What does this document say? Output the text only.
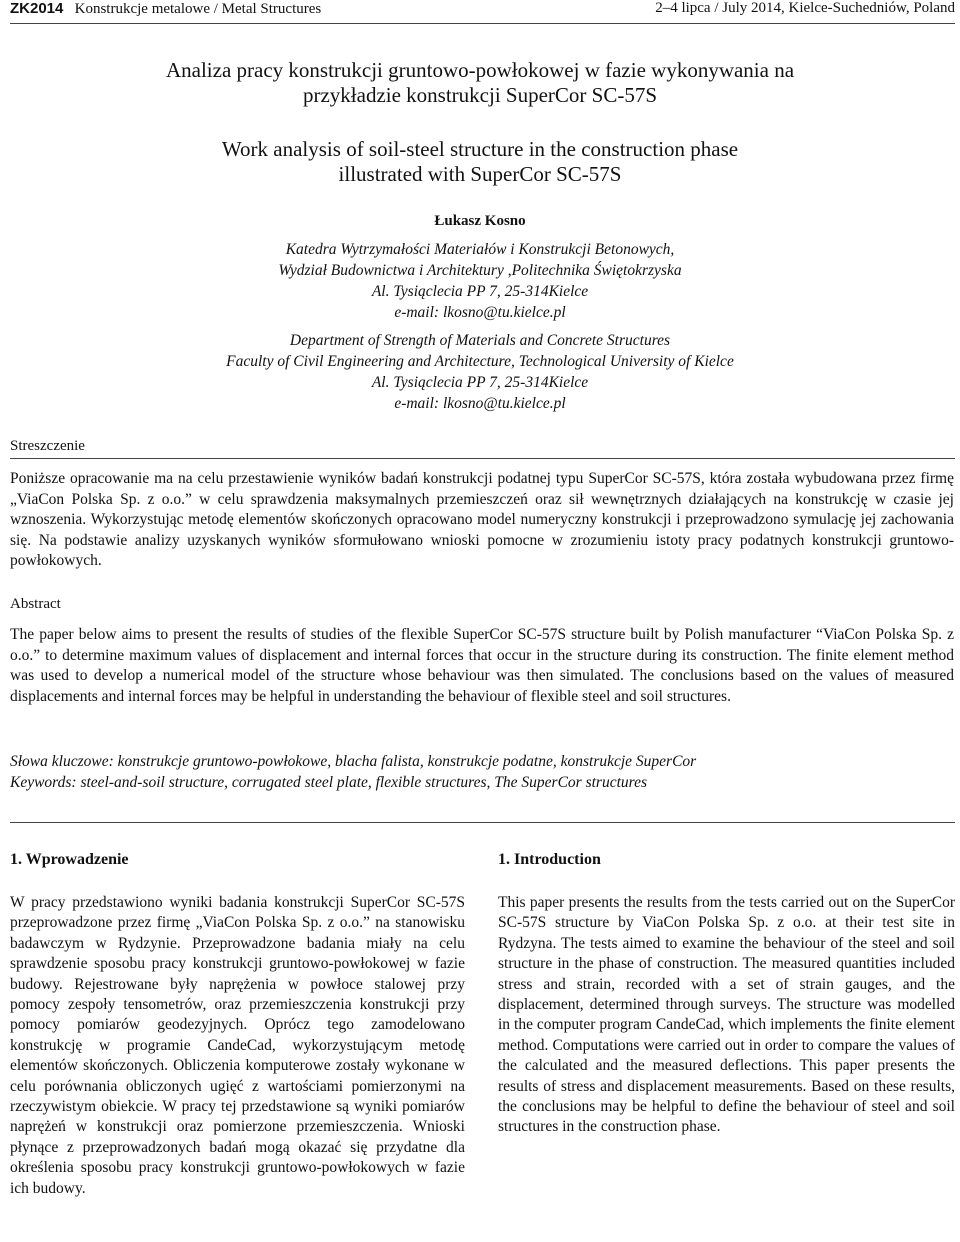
ZK2014 Konstrukcje metalowe / Metal Structures	2–4 lipca / July 2014, Kielce-Suchedniów, Poland
Analiza pracy konstrukcji gruntowo-powłokowej w fazie wykonywania na
przykładzie konstrukcji SuperCor SC-57S
Work analysis of soil-steel structure in the construction phase
illustrated with SuperCor SC-57S
Łukasz Kosno
Katedra Wytrzymałości Materiałów i Konstrukcji Betonowych,
Wydział Budownictwa i Architektury ,Politechnika Świętokrzyska
Al. Tysiąclecia PP 7, 25-314Kielce
e-mail: lkosno@tu.kielce.pl
Department of Strength of Materials and Concrete Structures
Faculty of Civil Engineering and Architecture, Technological University of Kielce
Al. Tysiąclecia PP 7, 25-314Kielce
e-mail: lkosno@tu.kielce.pl
Streszczenie
Poniższe opracowanie ma na celu przestawienie wyników badań konstrukcji podatnej typu SuperCor SC-57S, która została wybudowana przez firmę „ViaCon Polska Sp. z o.o.” w celu sprawdzenia maksymalnych przemieszczeń oraz sił wewnętrznych działających na konstrukcję w czasie jej wznoszenia. Wykorzystując metodę elementów skończonych opracowano model numeryczny konstrukcji i przeprowadzono symulację jej zachowania się. Na podstawie analizy uzyskanych wyników sformułowano wnioski pomocne w zrozumieniu istoty pracy podatnych konstrukcji gruntowo-powłokowych.
Abstract
The paper below aims to present the results of studies of the flexible SuperCor SC-57S structure built by Polish manufacturer “ViaCon Polska Sp. z o.o.” to determine maximum values of displacement and internal forces that occur in the structure during its construction. The finite element method was used to develop a numerical model of the structure whose behaviour was then simulated. The conclusions based on the values of measured displacements and internal forces may be helpful in understanding the behaviour of flexible steel and soil structures.
Słowa kluczowe: konstrukcje gruntowo-powłokowe, blacha falista, konstrukcje podatne, konstrukcje SuperCor
Keywords: steel-and-soil structure, corrugated steel plate, flexible structures, The SuperCor structures
1. Wprowadzenie	1. Introduction
W pracy przedstawiono wyniki badania konstrukcji SuperCor SC-57S przeprowadzone przez firmę „ViaCon Polska Sp. z o.o.” na stanowisku badawczym w Rydzynie. Przeprowadzone badania miały na celu sprawdzenie sposobu pracy konstrukcji gruntowo-powłokowej w fazie budowy. Rejestrowane były naprężenia w powłoce stalowej przy pomocy zespoły tensometrów, oraz przemieszczenia konstrukcji przy pomocy pomiarów geodezyjnych. Oprócz tego zamodelowano konstrukcję w programie CandeCad, wykorzystującym metodę elementów skończonych. Obliczenia komputerowe zostały wykonane w celu porównania obliczonych ugięć z wartościami pomierzonymi na rzeczywistym obiekcie. W pracy tej przedstawione są wyniki pomiarów naprężeń w konstrukcji oraz pomierzone przemieszczenia. Wnioski płynące z przeprowadzonych badań mogą okazać się przydatne dla określenia sposobu pracy konstrukcji gruntowo-powłokowych w fazie ich budowy.
This paper presents the results from the tests carried out on the SuperCor SC-57S structure by ViaCon Polska Sp. z o.o. at their test site in Rydzyna. The tests aimed to examine the behaviour of the steel and soil structure in the phase of construction. The measured quantities included stress and strain, recorded with a set of strain gauges, and the displacement, determined through surveys. The structure was modelled in the computer program CandeCad, which implements the finite element method. Computations were carried out in order to compare the values of the calculated and the measured deflections. This paper presents the results of stress and displacement measurements. Based on these results, the conclusions may be helpful to define the behaviour of steel and soil structures in the construction phase.
